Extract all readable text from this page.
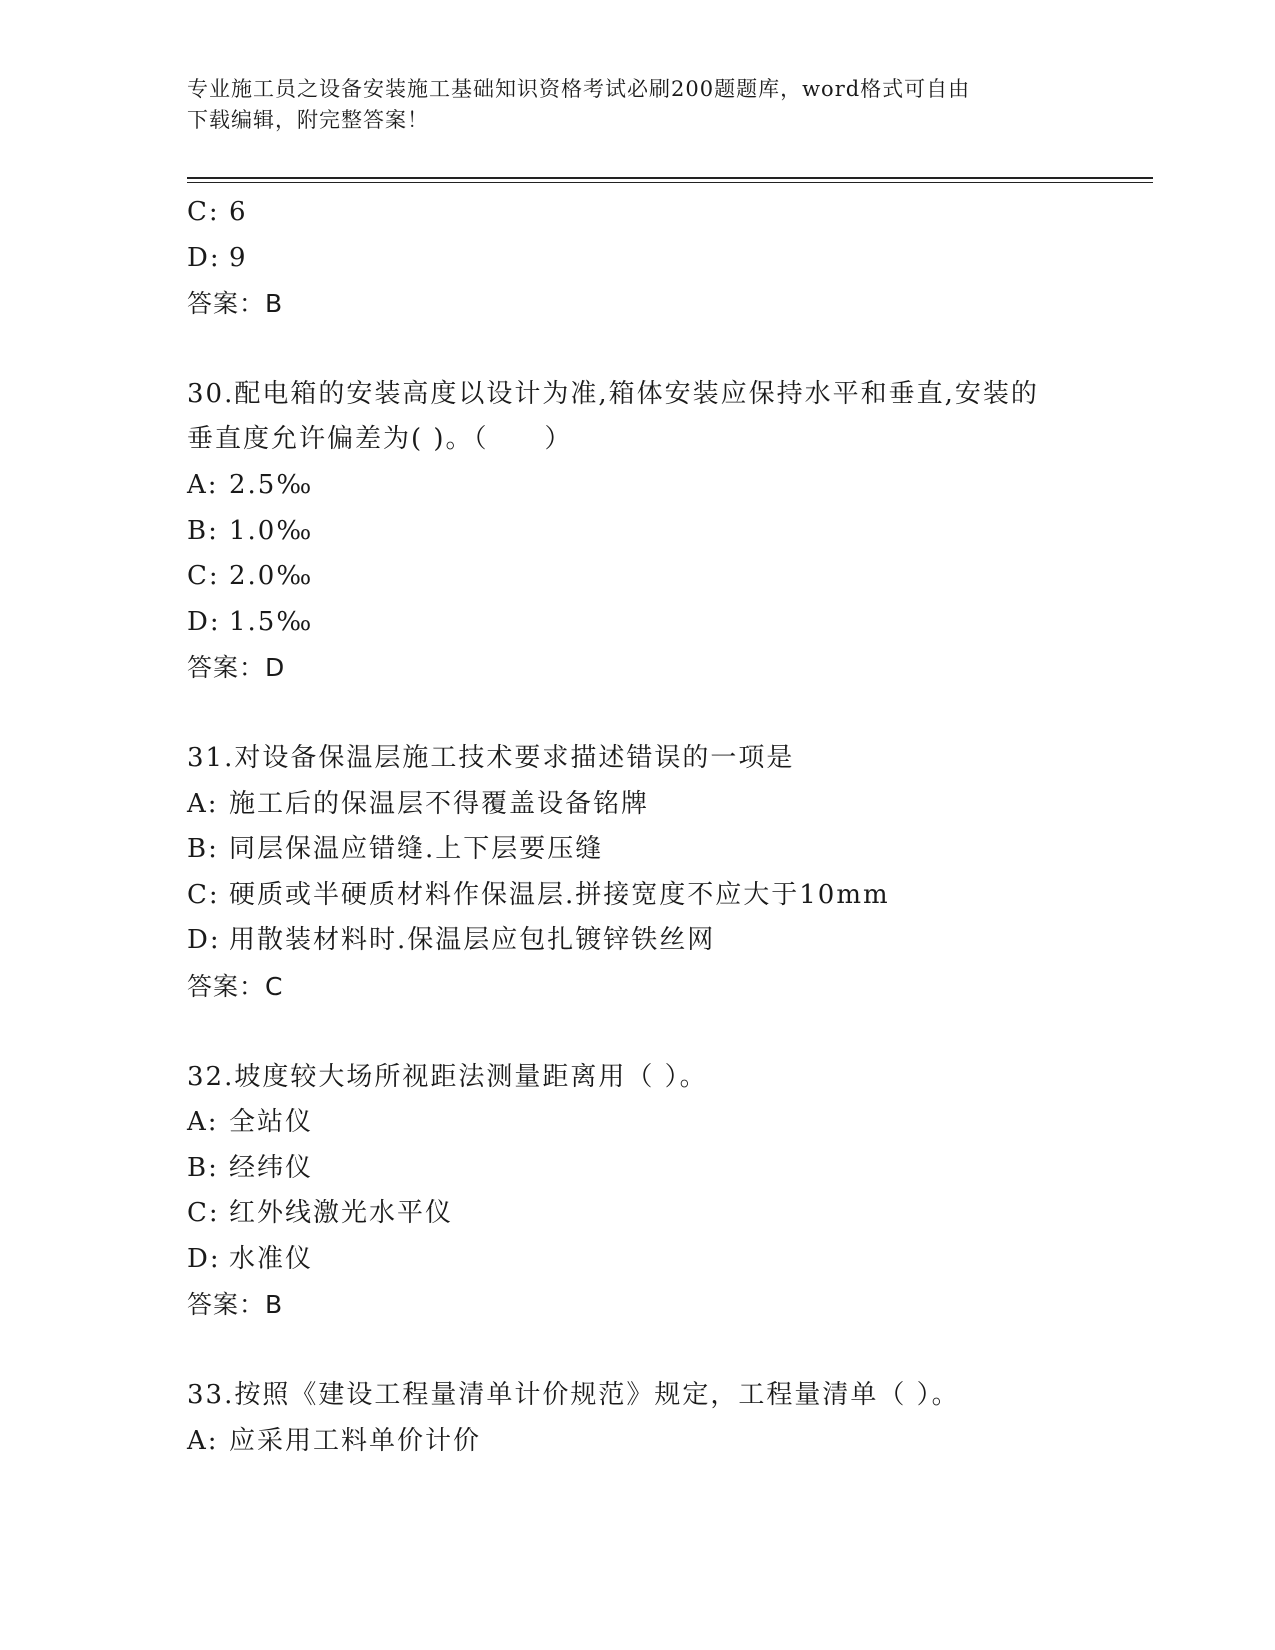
专业施工员之设备安装施工基础知识资格考试必刷200题题库，word格式可自由
下载编辑，附完整答案！
C: 6
D: 9
答案：B
30.配电箱的安装高度以设计为准,箱体安装应保持水平和垂直,安装的
垂直度允许偏差为( )。（　　）
A: 2.5‰
B: 1.0‰
C: 2.0‰
D: 1.5‰
答案：D
31.对设备保温层施工技术要求描述错误的一项是
A: 施工后的保温层不得覆盖设备铭牌
B: 同层保温应错缝.上下层要压缝
C: 硬质或半硬质材料作保温层.拼接宽度不应大于10mm
D: 用散装材料时.保温层应包扎镀锌铁丝网
答案：C
32.坡度较大场所视距法测量距离用（ ）。
A: 全站仪
B: 经纬仪
C: 红外线激光水平仪
D: 水准仪
答案：B
33.按照《建设工程量清单计价规范》规定，工程量清单（ ）。
A: 应采用工料单价计价
